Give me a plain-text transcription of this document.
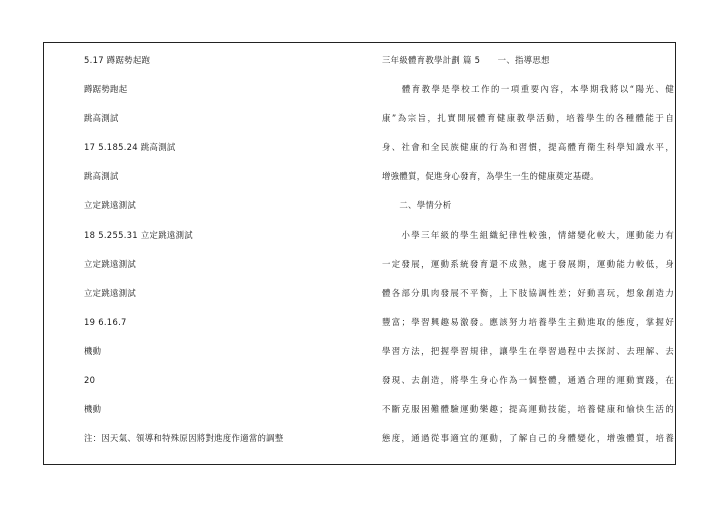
5.17 蹲踞勢起跑
蹲踞勢跑起
跳高測試
17 5.185.24 跳高測試
跳高測試
立定跳遠測試
18 5.255.31 立定跳遠測試
立定跳遠測試
立定跳遠測試
19 6.16.7
機動
20
機動
注：因天氣、領導和特殊原因將對進度作適當的調整
三年級體育教學計劃 篇 5　　一、指導思想
　　體育教學是學校工作的一項重要內容，本學期我將以“陽光、健
康”為宗旨，扎實開展體育健康教學活動，培養學生的各種體能于自
身、社會和全民族健康的行為和習慣，提高體育衛生科學知識水平，
增強體質，促進身心發育，為學生一生的健康奠定基礎。
　　二、學情分析
　　小學三年級的學生組織紀律性較強，情緒變化較大，運動能力有
一定發展，運動系統發育還不成熟，處于發展期，運動能力較低，身
體各部分肌肉發展不平衡，上下肢協調性差；好動喜玩，想象創造力
豐富；學習興趣易激發。應該努力培養學生主動進取的態度，掌握好
學習方法，把握學習規律，讓學生在學習過程中去探討、去理解、去
發現、去創造，將學生身心作為一個整體，通過合理的運動實踐，在
不斷克服困難體驗運動樂趣；提高運動技能，培養健康和愉快生活的
態度，通過從事適宜的運動，了解自己的身體變化，增強體質，培養
